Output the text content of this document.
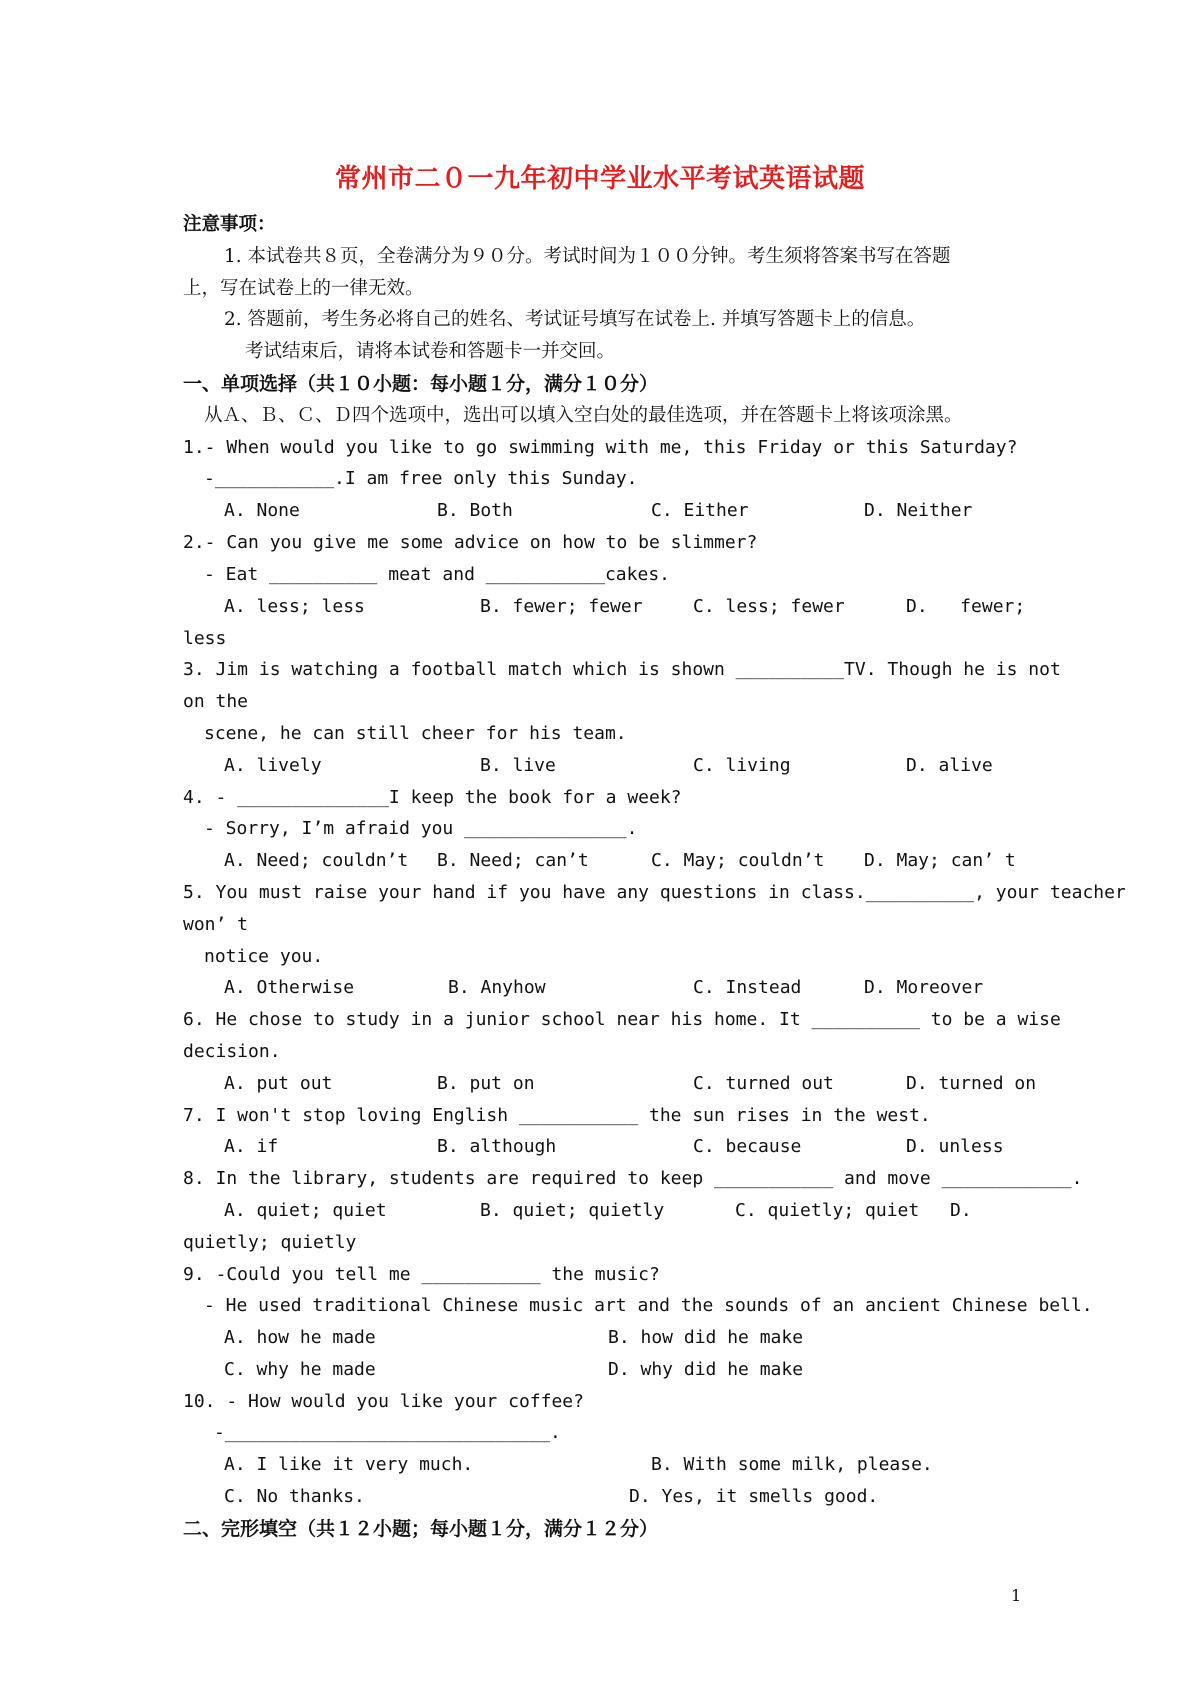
常州市二０一九年初中学业水平考试英语试题
注意事项：
1. 本试卷共８页，全卷满分为９０分。考试时间为１００分钟。考生须将答案书写在答题
上，写在试卷上的一律无效。
2. 答题前，考生务必将自己的姓名、考试证号填写在试卷上. 并填写答题卡上的信息。
考试结束后，请将本试卷和答题卡一并交回。
一、单项选择（共１０小题：每小题１分，满分１０分）
从Ａ、Ｂ、Ｃ、Ｄ四个选项中，选出可以填入空白处的最佳选项，并在答题卡上将该项涂黑。
1.- When would you like to go swimming with me, this Friday or this Saturday?
-___________.I am free only this Sunday.
A. None	B. Both	C. Either	D. Neither
2.- Can you give me some advice on how to be slimmer?
- Eat __________ meat and ___________cakes.
A. less; less	B. fewer; fewer	C. less; fewer	D.   fewer;
less
3. Jim is watching a football match which is shown __________TV. Though he is not
on the
scene, he can still cheer for his team.
A. lively	B. live	C. living	D. alive
4. - ______________I keep the book for a week?
- Sorry, I’m afraid you _______________.
A. Need; couldn’t B. Need; can’t	C. May; couldn’t D. May; can’ t
5. You must raise your hand if you have any questions in class.__________, your teacher
won’ t
notice you.
A. Otherwise	B. Anyhow	C. Instead	D. Moreover
6. He chose to study in a junior school near his home. It __________ to be a wise
decision.
A. put out	B. put on	C. turned out	D. turned on
7. I won't stop loving English ___________ the sun rises in the west.
A. if	B. although	C. because	D. unless
8. In the library, students are required to keep ___________ and move ____________.
A. quiet; quiet	B. quiet; quietly	C. quietly; quiet D.
quietly; quietly
9. -Could you tell me ___________ the music?
- He used traditional Chinese music art and the sounds of an ancient Chinese bell.
A. how he made	B. how did he make
C. why he made	D. why did he make
10. - How would you like your coffee?
-______________________________.
A. I like it very much.	B. With some milk, please.
C. No thanks.	D. Yes, it smells good.
二、完形填空（共１２小题；每小题１分，满分１２分）
1
